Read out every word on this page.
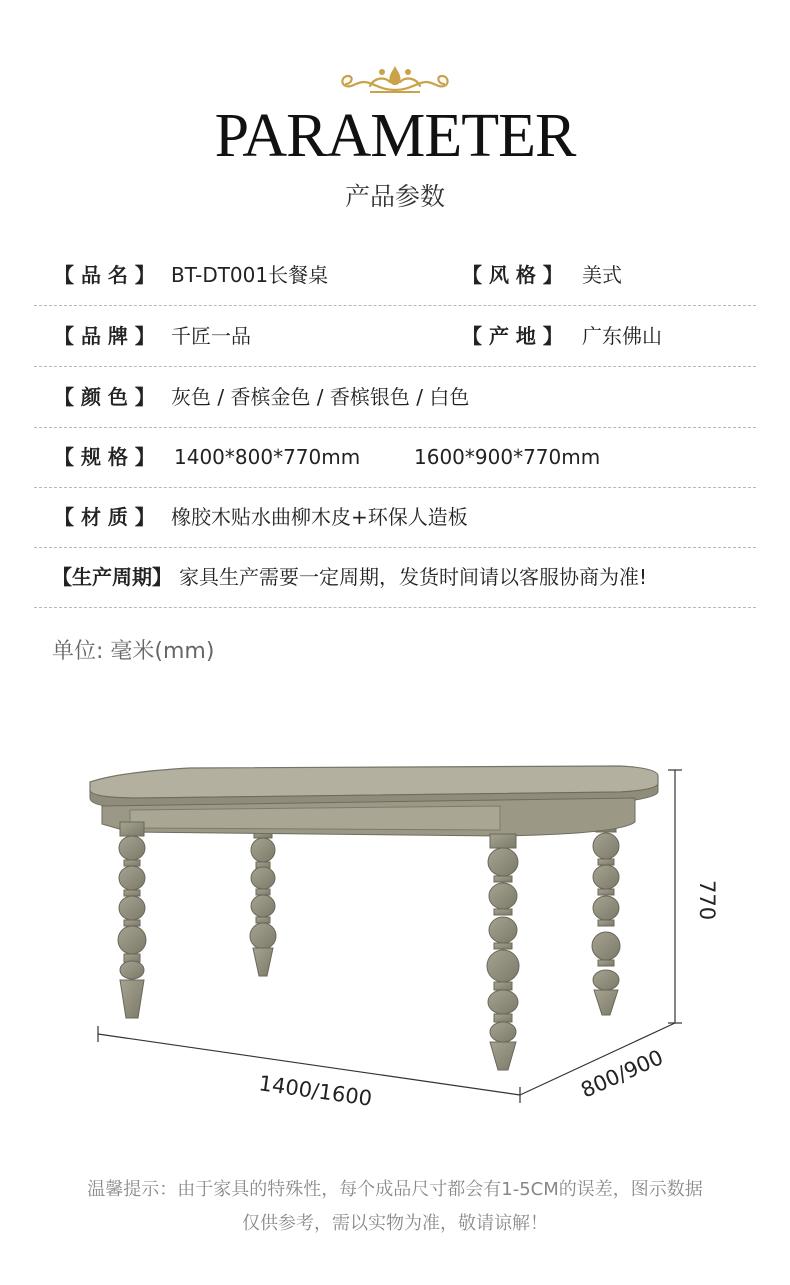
PARAMETER
产品参数
【 品 名 】 BT-DT001长餐桌	【 风 格 】 美式
【 品 牌 】 千匠一品	【 产 地 】 广东佛山
【 颜 色 】 灰色 / 香槟金色 / 香槟银色 / 白色
【 规 格 】 1400*800*770mm	1600*900*770mm
【 材 质 】 橡胶木贴水曲柳木皮+环保人造板
【生产周期】 家具生产需要一定周期，发货时间请以客服协商为准!
单位: 毫米(mm)
770
1400/1600	800/900
温馨提示：由于家具的特殊性，每个成品尺寸都会有1-5CM的误差，图示数据
仅供参考，需以实物为准，敬请谅解！
